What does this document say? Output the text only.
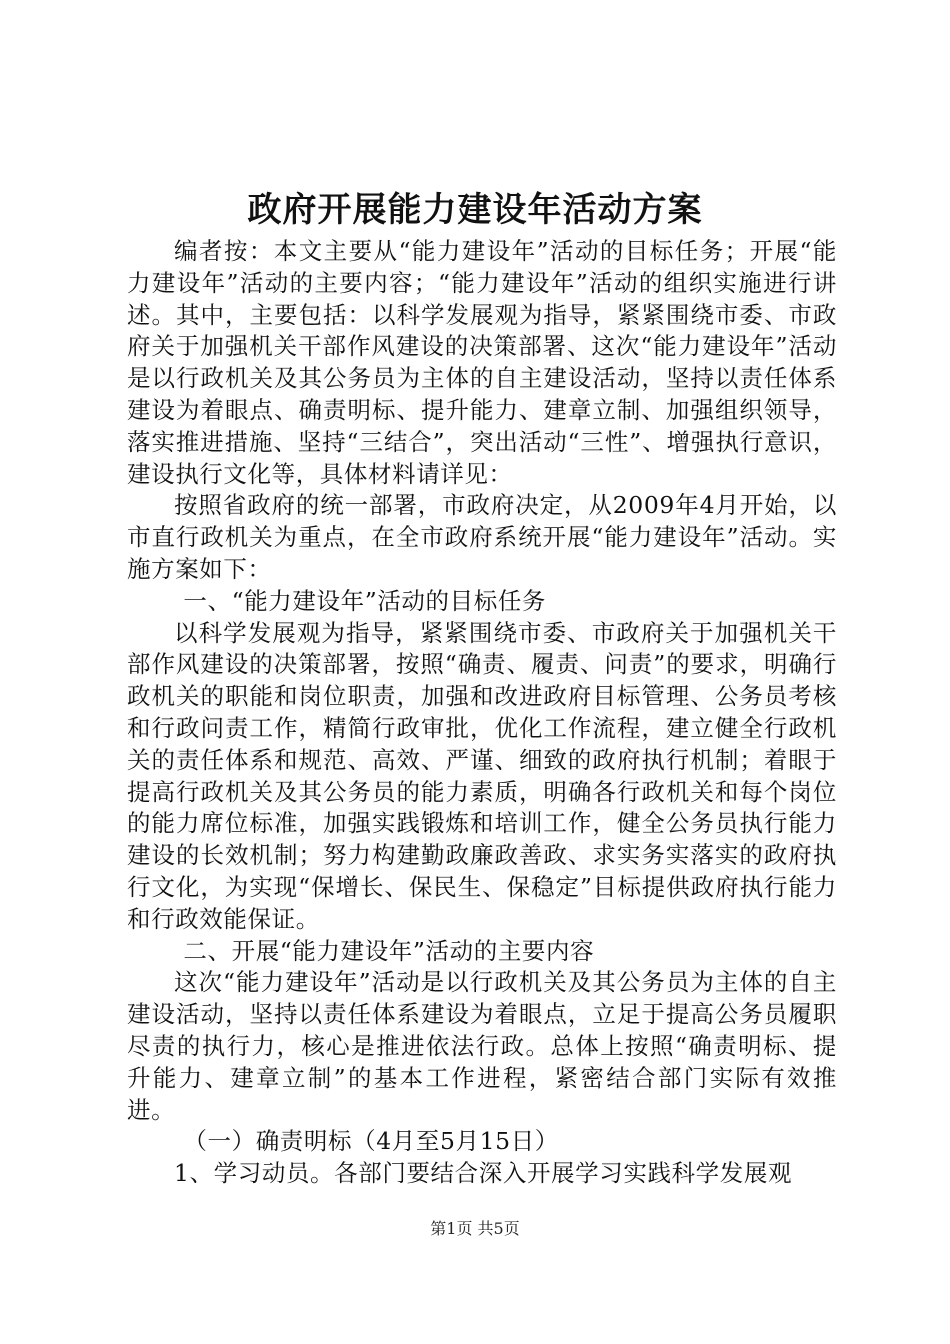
政府开展能力建设年活动方案

编者按：本文主要从“能力建设年”活动的目标任务；开展“能力建设年”活动的主要内容；“能力建设年”活动的组织实施进行讲述。其中，主要包括：以科学发展观为指导，紧紧围绕市委、市政府关于加强机关干部作风建设的决策部署、这次“能力建设年”活动是以行政机关及其公务员为主体的自主建设活动，坚持以责任体系建设为着眼点、确责明标、提升能力、建章立制、加强组织领导，落实推进措施、坚持“三结合”，突出活动“三性”、增强执行意识，建设执行文化等，具体材料请详见：

按照省政府的统一部署，市政府决定，从2009年4月开始，以市直行政机关为重点，在全市政府系统开展“能力建设年”活动。实施方案如下：

一、“能力建设年”活动的目标任务

以科学发展观为指导，紧紧围绕市委、市政府关于加强机关干部作风建设的决策部署，按照“确责、履责、问责”的要求，明确行政机关的职能和岗位职责，加强和改进政府目标管理、公务员考核和行政问责工作，精简行政审批，优化工作流程，建立健全行政机关的责任体系和规范、高效、严谨、细致的政府执行机制；着眼于提高行政机关及其公务员的能力素质，明确各行政机关和每个岗位的能力席位标准，加强实践锻炼和培训工作，健全公务员执行能力建设的长效机制；努力构建勤政廉政善政、求实务实落实的政府执行文化，为实现“保增长、保民生、保稳定”目标提供政府执行能力和行政效能保证。

二、开展“能力建设年”活动的主要内容

这次“能力建设年”活动是以行政机关及其公务员为主体的自主建设活动，坚持以责任体系建设为着眼点，立足于提高公务员履职尽责的执行力，核心是推进依法行政。总体上按照“确责明标、提升能力、建章立制”的基本工作进程，紧密结合部门实际有效推进。

（一）确责明标（4月至5月15日）

1、学习动员。各部门要结合深入开展学习实践科学发展观

第1页 共5页
